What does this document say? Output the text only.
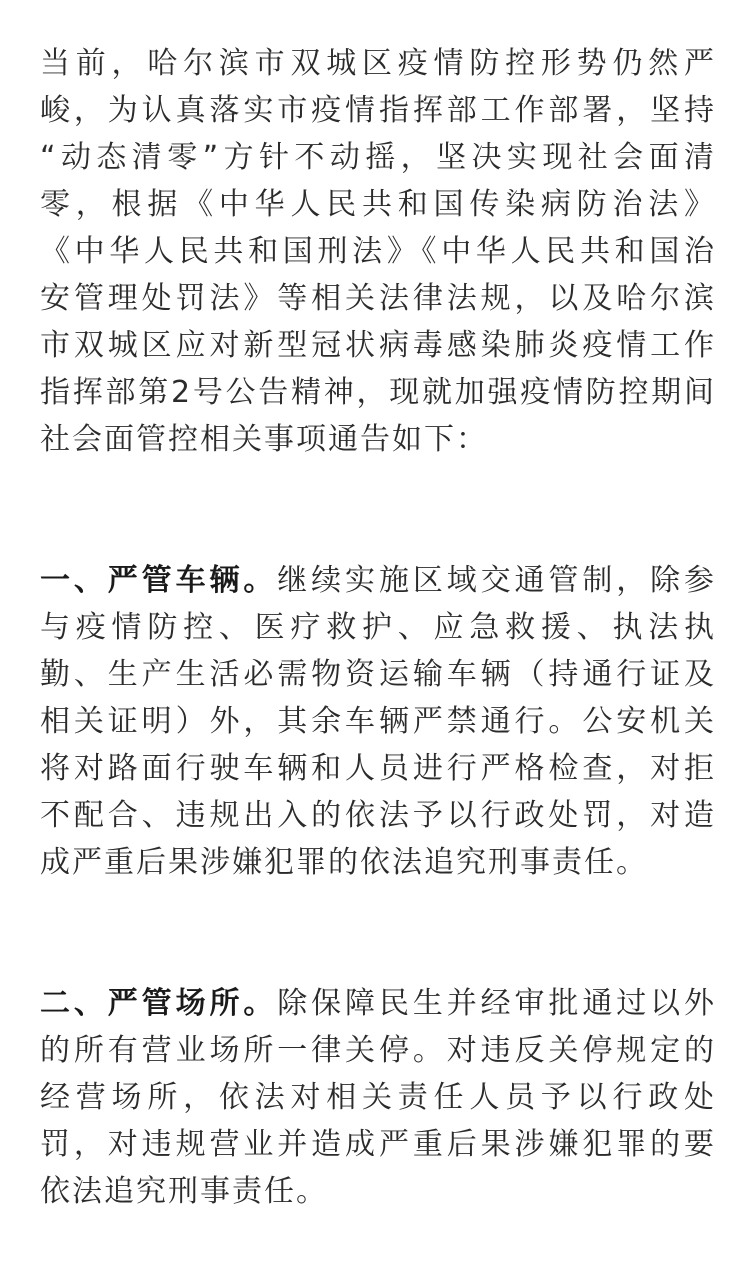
当前，哈尔滨市双城区疫情防控形势仍然严
峻，为认真落实市疫情指挥部工作部署，坚持
“动态清零”方针不动摇，坚决实现社会面清
零，根据《中华人民共和国传染病防治法》
《中华人民共和国刑法》《中华人民共和国治
安管理处罚法》等相关法律法规，以及哈尔滨
市双城区应对新型冠状病毒感染肺炎疫情工作
指挥部第2号公告精神，现就加强疫情防控期间
社会面管控相关事项通告如下：
一、严管车辆。继续实施区域交通管制，除参
与疫情防控、医疗救护、应急救援、执法执
勤、生产生活必需物资运输车辆（持通行证及
相关证明）外，其余车辆严禁通行。公安机关
将对路面行驶车辆和人员进行严格检查，对拒
不配合、违规出入的依法予以行政处罚，对造
成严重后果涉嫌犯罪的依法追究刑事责任。
二、严管场所。除保障民生并经审批通过以外
的所有营业场所一律关停。对违反关停规定的
经营场所，依法对相关责任人员予以行政处
罚，对违规营业并造成严重后果涉嫌犯罪的要
依法追究刑事责任。
